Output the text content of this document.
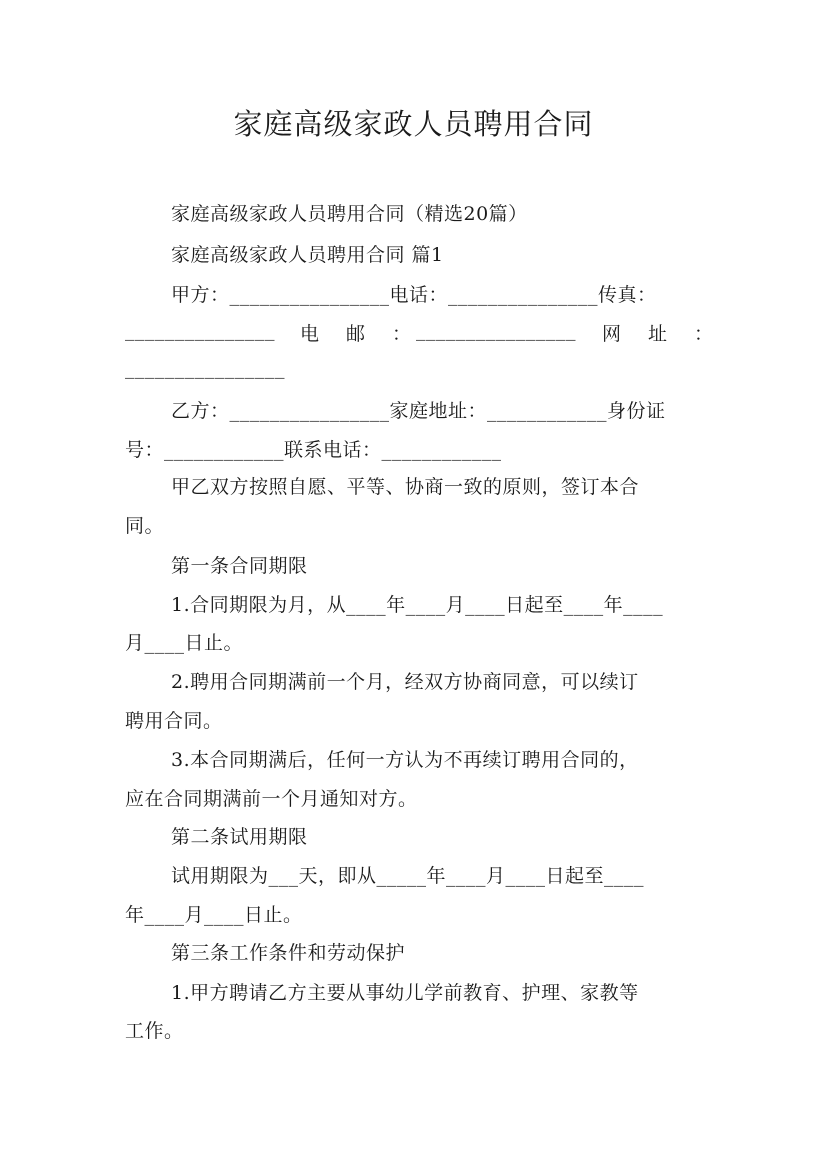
家庭高级家政人员聘用合同
家庭高级家政人员聘用合同（精选20篇）
家庭高级家政人员聘用合同 篇1
甲方：________________电话：_______________传真：
_______________ 电　邮　： ________________ 网　址　：
________________
乙方：________________家庭地址：____________身份证
号：____________联系电话：____________
甲乙双方按照自愿、平等、协商一致的原则，签订本合
同。
第一条合同期限
1.合同期限为月，从____年____月____日起至____年____
月____日止。
2.聘用合同期满前一个月，经双方协商同意，可以续订
聘用合同。
3.本合同期满后，任何一方认为不再续订聘用合同的，
应在合同期满前一个月通知对方。
第二条试用期限
试用期限为___天，即从_____年____月____日起至____
年____月____日止。
第三条工作条件和劳动保护
1.甲方聘请乙方主要从事幼儿学前教育、护理、家教等
工作。
